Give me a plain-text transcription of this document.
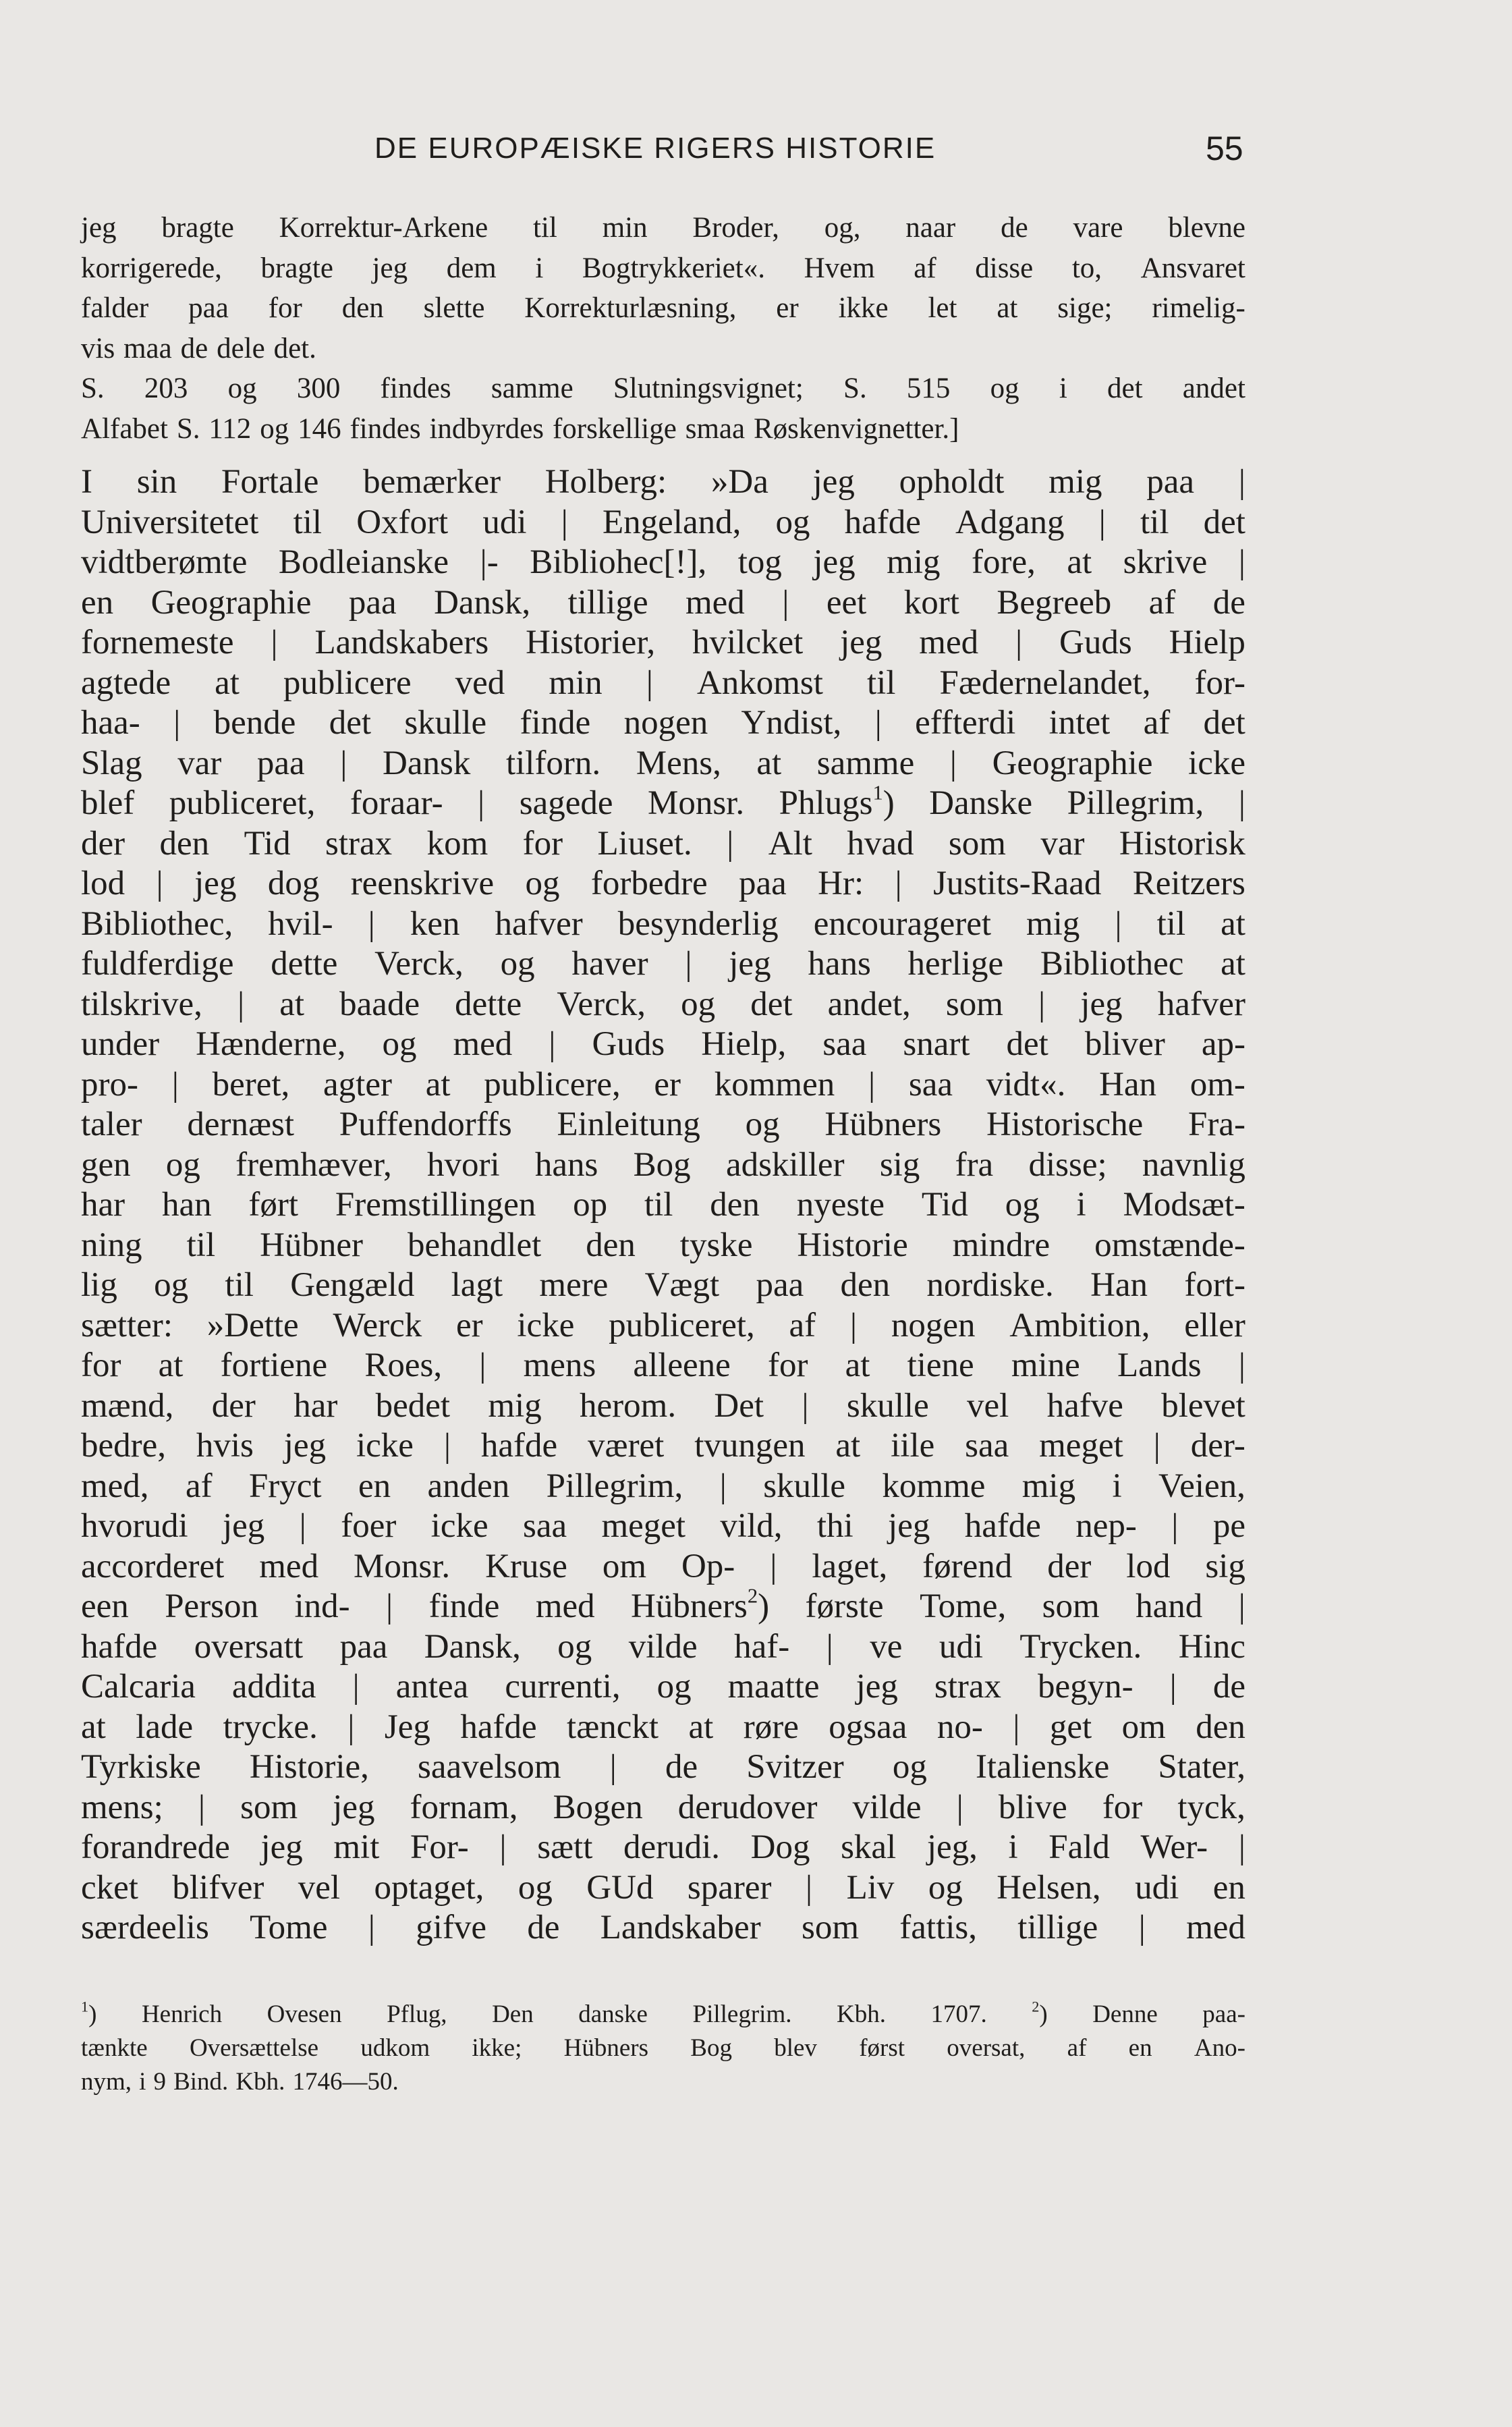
DE EUROPÆISKE RIGERS HISTORIE	55
jeg bragte Korrektur-Arkene til min Broder, og, naar de vare blevne
korrigerede, bragte jeg dem i Bogtrykkeriet«. Hvem af disse to, Ansvaret
falder paa for den slette Korrekturlæsning, er ikke let at sige; rimelig-
vis maa de dele det.
S. 203 og 300 findes samme Slutningsvignet; S. 515 og i det andet
Alfabet S. 112 og 146 findes indbyrdes forskellige smaa Røskenvignetter.]
I sin Fortale bemærker Holberg: »Da jeg opholdt mig paa |
Universitetet til Oxfort udi | Engeland, og hafde Adgang | til det
vidtberømte Bodleianske |- Bibliohec[!], tog jeg mig fore, at skrive |
en Geographie paa Dansk, tillige med | eet kort Begreeb af de
fornemeste | Landskabers Historier, hvilcket jeg med | Guds Hielp
agtede at publicere ved min | Ankomst til Fædernelandet, for-
haa- | bende det skulle finde nogen Yndist, | effterdi intet af det
Slag var paa | Dansk tilforn. Mens, at samme | Geographie icke
blef publiceret, foraar- | sagede Monsr. Phlugs$^1$) Danske Pillegrim, |
der den Tid strax kom for Liuset. | Alt hvad som var Historisk
lod | jeg dog reenskrive og forbedre paa Hr: | Justits-Raad Reitzers
Bibliothec, hvil- | ken hafver besynderlig encourageret mig | til at
fuldferdige dette Verck, og haver | jeg hans herlige Bibliothec at
tilskrive, | at baade dette Verck, og det andet, som | jeg hafver
under Hænderne, og med | Guds Hielp, saa snart det bliver ap-
pro- | beret, agter at publicere, er kommen | saa vidt«. Han om-
taler dernæst Puffendorffs Einleitung og Hübners Historische Fra-
gen og fremhæver, hvori hans Bog adskiller sig fra disse; navnlig
har han ført Fremstillingen op til den nyeste Tid og i Modsæt-
ning til Hübner behandlet den tyske Historie mindre omstænde-
lig og til Gengæld lagt mere Vægt paa den nordiske. Han fort-
sætter: »Dette Werck er icke publiceret, af | nogen Ambition, eller
for at fortiene Roes, | mens alleene for at tiene mine Lands |
mænd, der har bedet mig herom. Det | skulle vel hafve blevet
bedre, hvis jeg icke | hafde været tvungen at iile saa meget | der-
med, af Fryct en anden Pillegrim, | skulle komme mig i Veien,
hvorudi jeg | foer icke saa meget vild, thi jeg hafde nep- | pe
accorderet med Monsr. Kruse om Op- | laget, førend der lod sig
een Person ind- | finde med Hübners$^2$) første Tome, som hand |
hafde oversatt paa Dansk, og vilde haf- | ve udi Trycken. Hinc
Calcaria addita | antea currenti, og maatte jeg strax begyn- | de
at lade trycke. | Jeg hafde tænckt at røre ogsaa no- | get om den
Tyrkiske Historie, saavelsom | de Svitzer og Italienske Stater,
mens; | som jeg fornam, Bogen derudover vilde | blive for tyck,
forandrede jeg mit For- | sætt derudi. Dog skal jeg, i Fald Wer- |
cket blifver vel optaget, og GUd sparer | Liv og Helsen, udi en
særdeelis Tome | gifve de Landskaber som fattis, tillige | med
$^1$) Henrich Ovesen Pflug, Den danske Pillegrim. Kbh. 1707.	$^2$) Denne paa-
tænkte Oversættelse udkom ikke; Hübners Bog blev først oversat, af en Ano-
nym, i 9 Bind. Kbh. 1746—50.
